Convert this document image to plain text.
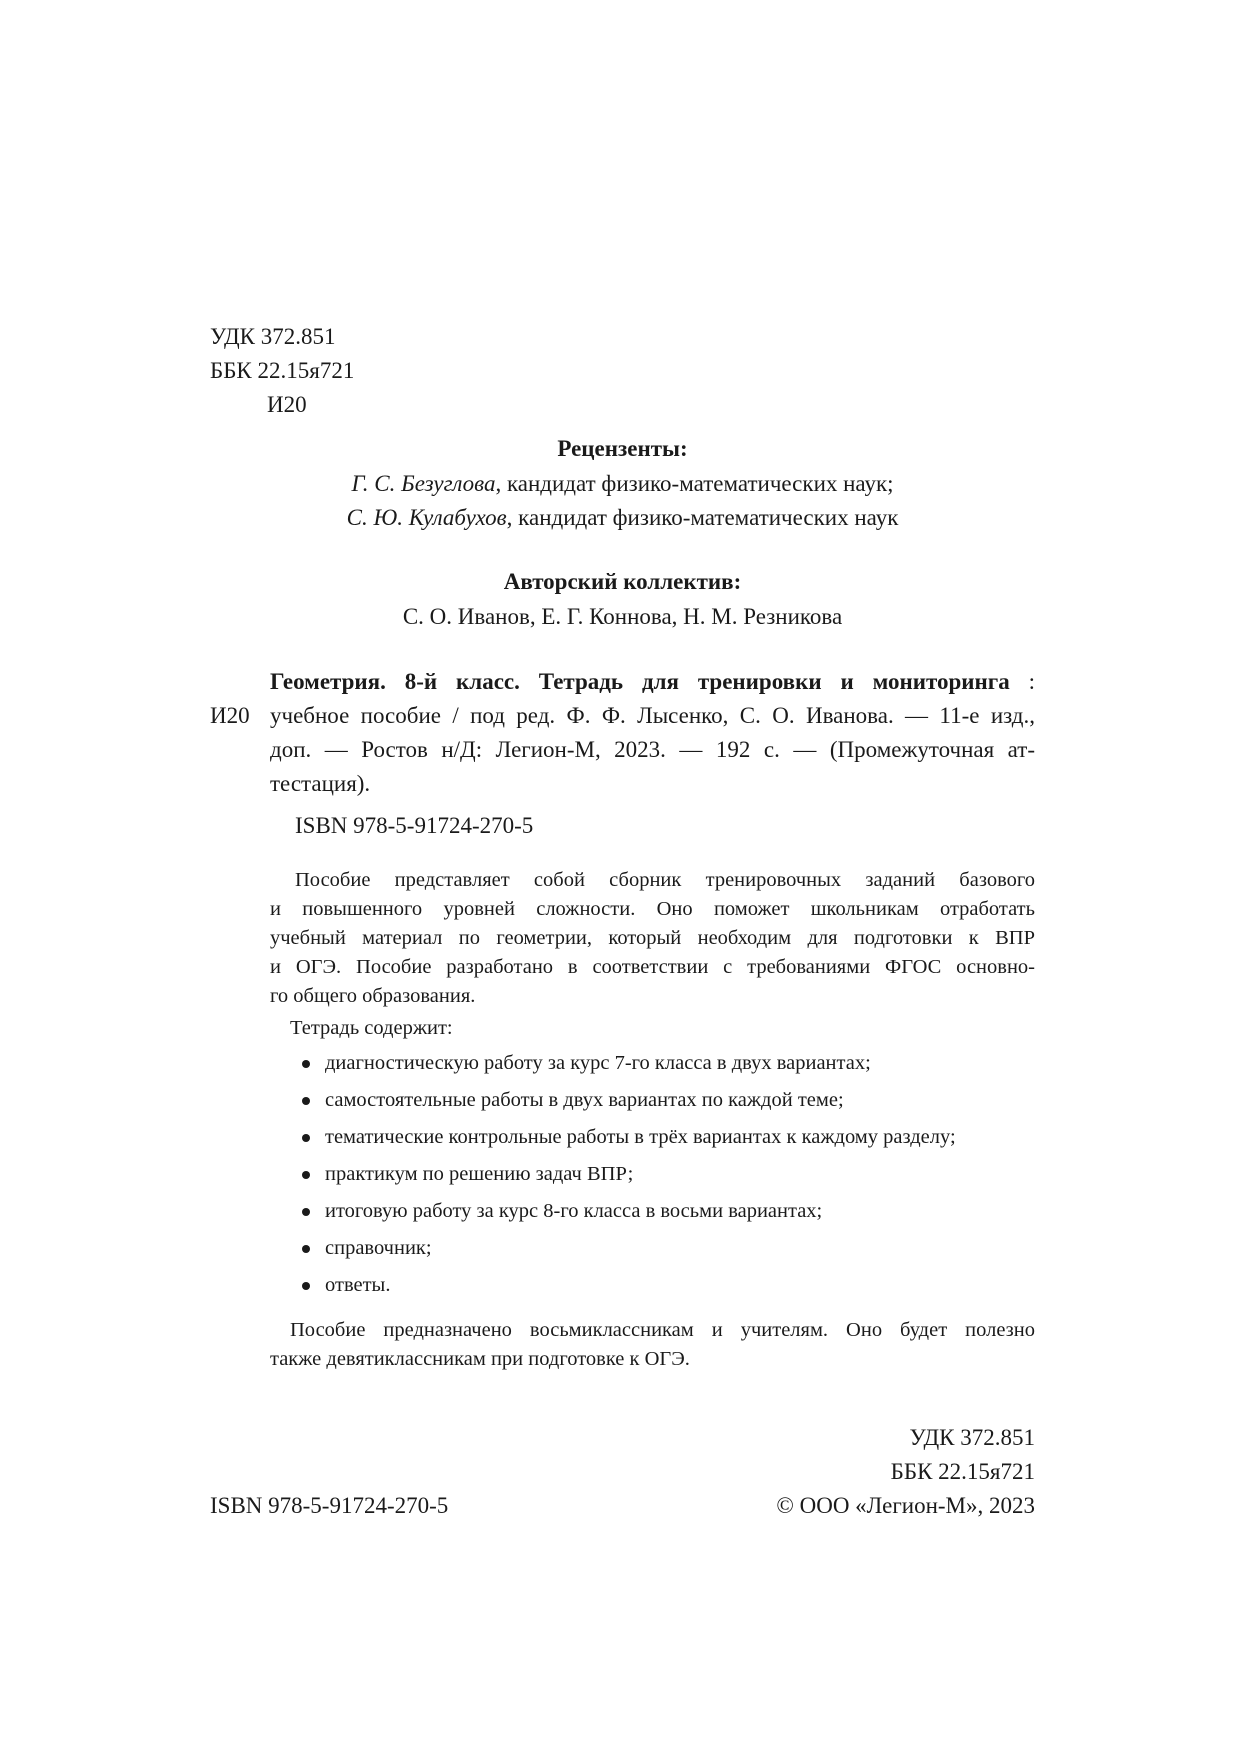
УДК 372.851
ББК 22.15я721
И20
Рецензенты:
Г. С. Безуглова, кандидат физико-математических наук;
С. Ю. Кулабухов, кандидат физико-математических наук
Авторский коллектив:
С. О. Иванов, Е. Г. Коннова, Н. М. Резникова
Геометрия. 8-й класс. Тетрадь для тренировки и мониторинга :
И20 учебное пособие / под ред. Ф. Ф. Лысенко, С. О. Иванова. — 11-е изд.,
доп. — Ростов н/Д: Легион-М, 2023. — 192 с. — (Промежуточная ат-
тестация).
ISBN 978-5-91724-270-5
Пособие представляет собой сборник тренировочных заданий базового
и повышенного уровней сложности. Оно поможет школьникам отработать
учебный материал по геометрии, который необходим для подготовки к ВПР
и ОГЭ. Пособие разработано в соответствии с требованиями ФГОС основно-
го общего образования.
Тетрадь содержит:
диагностическую работу за курс 7-го класса в двух вариантах;
самостоятельные работы в двух вариантах по каждой теме;
тематические контрольные работы в трёх вариантах к каждому разделу;
практикум по решению задач ВПР;
итоговую работу за курс 8-го класса в восьми вариантах;
справочник;
ответы.
Пособие предназначено восьмиклассникам и учителям. Оно будет полезно
также девятиклассникам при подготовке к ОГЭ.
УДК 372.851
ББК 22.15я721
ISBN 978-5-91724-270-5	© ООО «Легион-М», 2023
